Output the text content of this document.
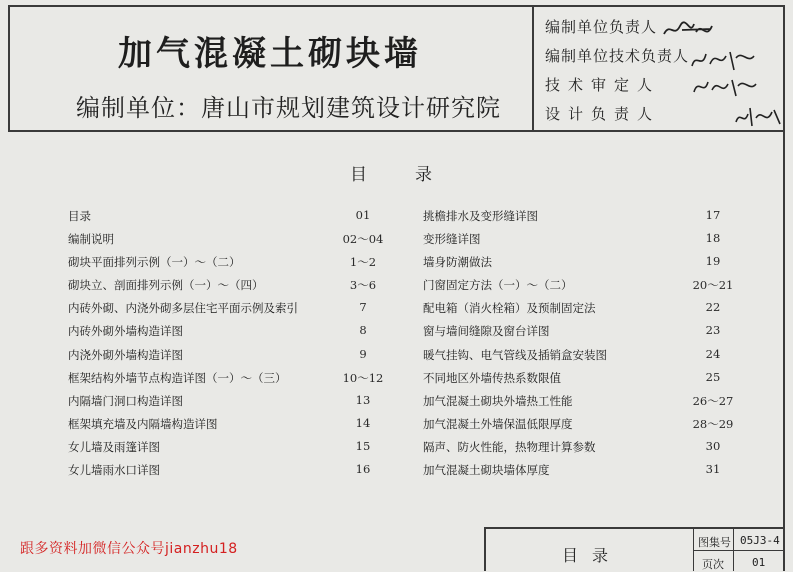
加气混凝土砌块墙
编制单位：唐山市规划建筑设计研究院
编制单位负责人
编制单位技术负责人
技术审定人
设计负责人
目	录
目录	01
编制说明	02～04
砌块平面排列示例（一）～（二）	1～2
砌块立、剖面排列示例（一）～（四）	3～6
内砖外砌、内浇外砌多层住宅平面示例及索引	7
内砖外砌外墙构造详图	8
内浇外砌外墙构造详图	9
框架结构外墙节点构造详图（一）～（三）	10～12
内隔墙门洞口构造详图	13
框架填充墙及内隔墙构造详图	14
女儿墙及雨篷详图	15
女儿墙雨水口详图	16
挑檐排水及变形缝详图	17
变形缝详图	18
墙身防潮做法	19
门窗固定方法（一）～（二）	20～21
配电箱（消火栓箱）及预制固定法	22
窗与墙间缝隙及窗台详图	23
暖气挂钩、电气管线及插销盒安装图	24
不同地区外墙传热系数限值	25
加气混凝土砌块外墙热工性能	26～27
加气混凝土外墙保温低限厚度	28～29
隔声、防火性能，热物理计算参数	30
加气混凝土砌块墙体厚度	31
跟多资料加微信公众号jianzhu18	目录
图集号 05J3-4
页次	01
